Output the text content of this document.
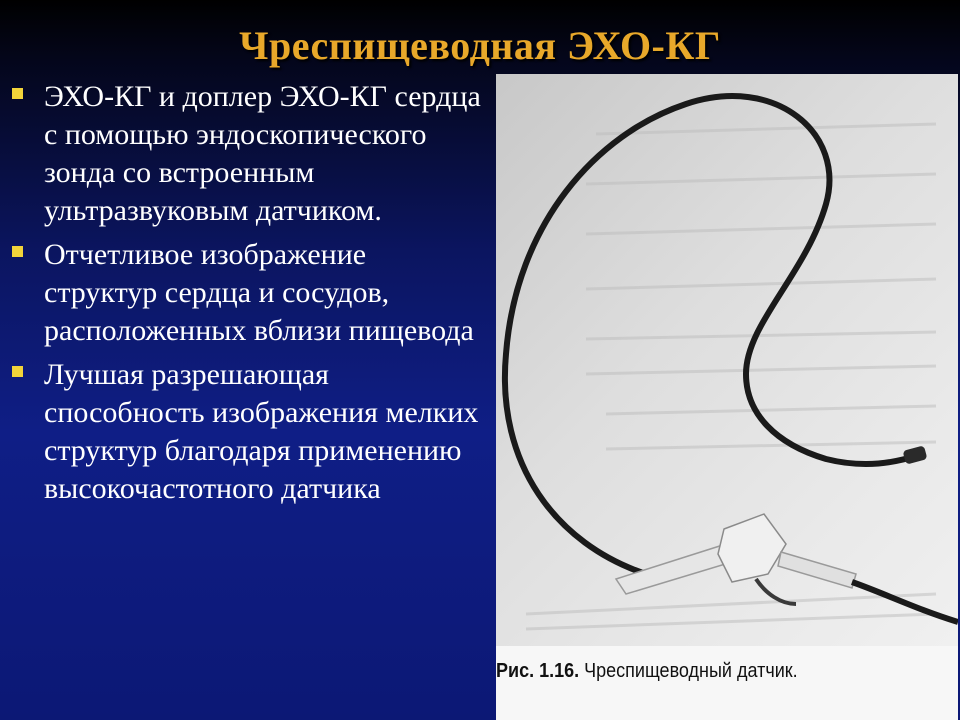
Чреспищеводная ЭХО-КГ
ЭХО-КГ и доплер ЭХО-КГ сердца с помощью эндоскопического зонда со встроенным ультразвуковым датчиком.
Отчетливое изображение структур сердца и сосудов, расположенных вблизи пищевода
Лучшая разрешающая способность изображения мелких структур благодаря применению высокочастотного датчика
Рис. 1.16. Чреспищеводный датчик.
